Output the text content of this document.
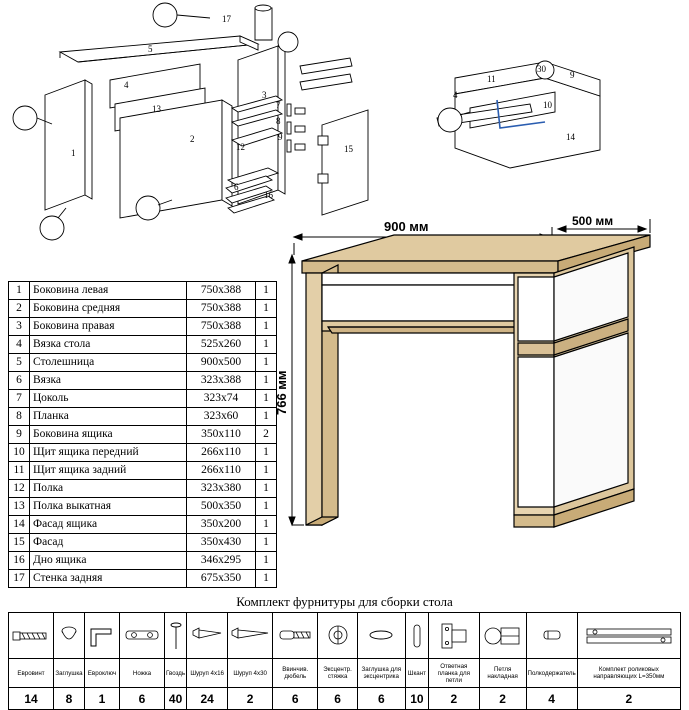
17
5
4
13
3
1
2
12
7
8
6
16
15
9
11	9
4
10
14
30
1	Боковина левая	750x388	1
2	Боковина средняя	750x388	1
3	Боковина правая	750x388	1
4	Вязка стола	525x260	1
5	Столешница	900x500	1
6	Вязка	323x388	1
7	Цоколь	323x74	1
8	Планка	323x60	1
9	Боковина ящика	350x110	2
10	Щит ящика передний	266x110	1
11	Щит ящика задний	266x110	1
12	Полка	323x380	1
13	Полка выкатная	500x350	1
14	Фасад ящика	350x200	1
15	Фасад	350x430	1
16	Дно ящика	346x295	1
17	Стенка задняя	675x350	1
900 мм	500 мм
766 мм
Комплект фурнитуры для сборки стола

Евровинт	Заглушка	Евроключ	Ножка	Гвоздь	Шуруп 4х16	Шуруп 4х30	Ввинчив. дюбель	Эксцентр. стяжка	Заглушка для эксцентрика	Шкант	Ответная планка для петли	Петля накладная	Полкодержатель	Комплект роликовых направляющих L=350мм
14	8	1	6	40	24	2	6	6	6	10	2	2	4	2
